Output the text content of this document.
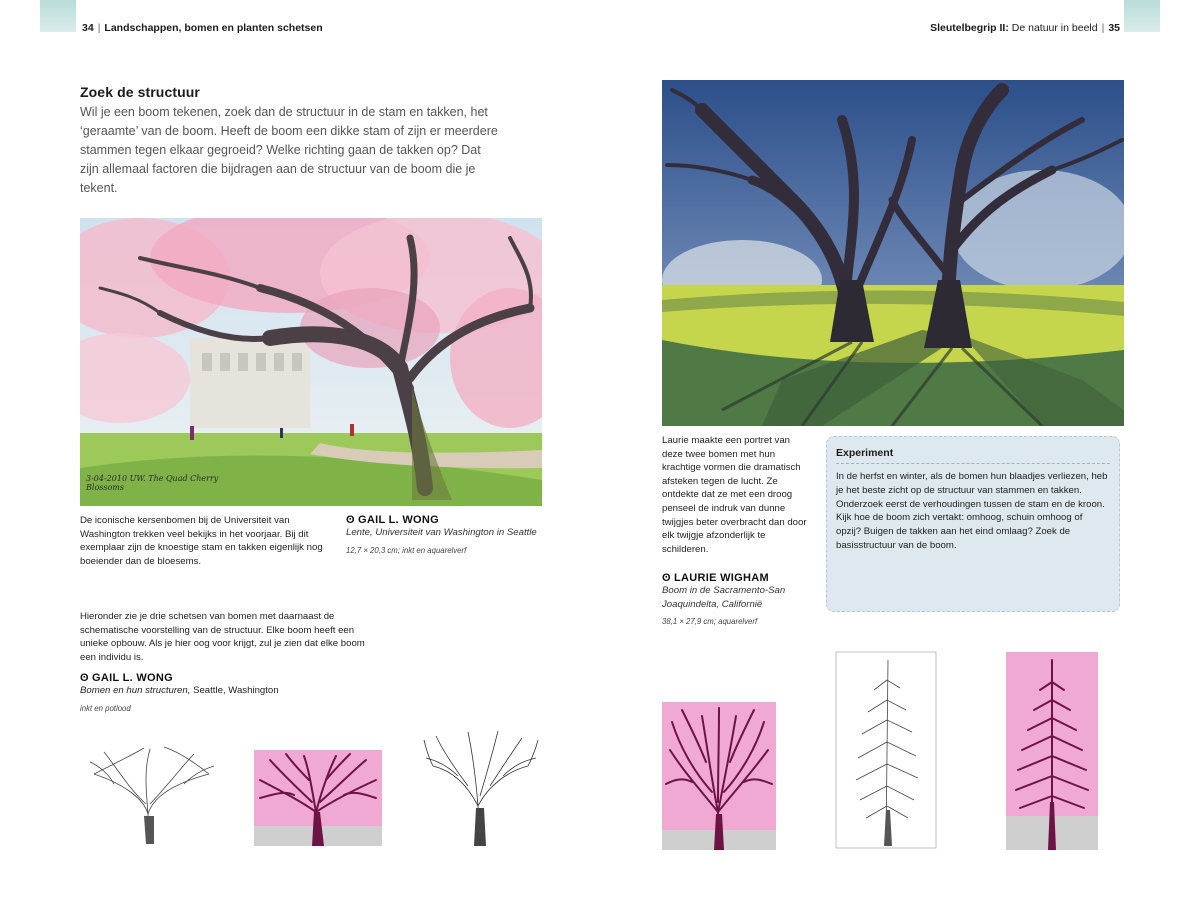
34 | Landschappen, bomen en planten schetsen	Sleutelbegrip II: De natuur in beeld | 35
Zoek de structuur
Wil je een boom tekenen, zoek dan de structuur in de stam en takken, het ‘geraamte’ van de boom. Heeft de boom een dikke stam of zijn er meerdere stammen tegen elkaar gegroeid? Welke richting gaan de takken op? Dat zijn allemaal factoren die bijdragen aan de structuur van de boom die je tekent.
3-04-2010 UW. The Quad Cherry Blossoms
De iconische kersenbomen bij de Universiteit van Washington trekken veel bekijks in het voorjaar. Bij dit exemplaar zijn de knoestige stam en takken eigenlijk nog boeiender dan de bloesems.
ʘ GAIL L. WONG
Lente, Universiteit van Washington in Seattle
12,7 × 20,3 cm; inkt en aquarelverf
Hieronder zie je drie schetsen van bomen met daarnaast de schematische voorstelling van de structuur. Elke boom heeft een unieke opbouw. Als je hier oog voor krijgt, zul je zien dat elke boom een individu is.
ʘ GAIL L. WONG
Bomen en hun structuren, Seattle, Washington
inkt en potlood
Laurie maakte een portret van deze twee bomen met hun krachtige vormen die dramatisch afsteken tegen de lucht. Ze ontdekte dat ze met een droog penseel de indruk van dunne twijgjes beter overbracht dan door elk twijgje afzonderlijk te schilderen.
ʘ LAURIE WIGHAM
Boom in de Sacramento-San Joaquindelta, Californië
38,1 × 27,9 cm; aquarelverf
Experiment

In de herfst en winter, als de bomen hun blaadjes verliezen, heb je het beste zicht op de structuur van stammen en takken. Onderzoek eerst de verhoudingen tussen de stam en de kroon. Kijk hoe de boom zich vertakt: omhoog, schuin omhoog of opzij? Buigen de takken aan het eind omlaag? Zoek de basisstructuur van de boom.
